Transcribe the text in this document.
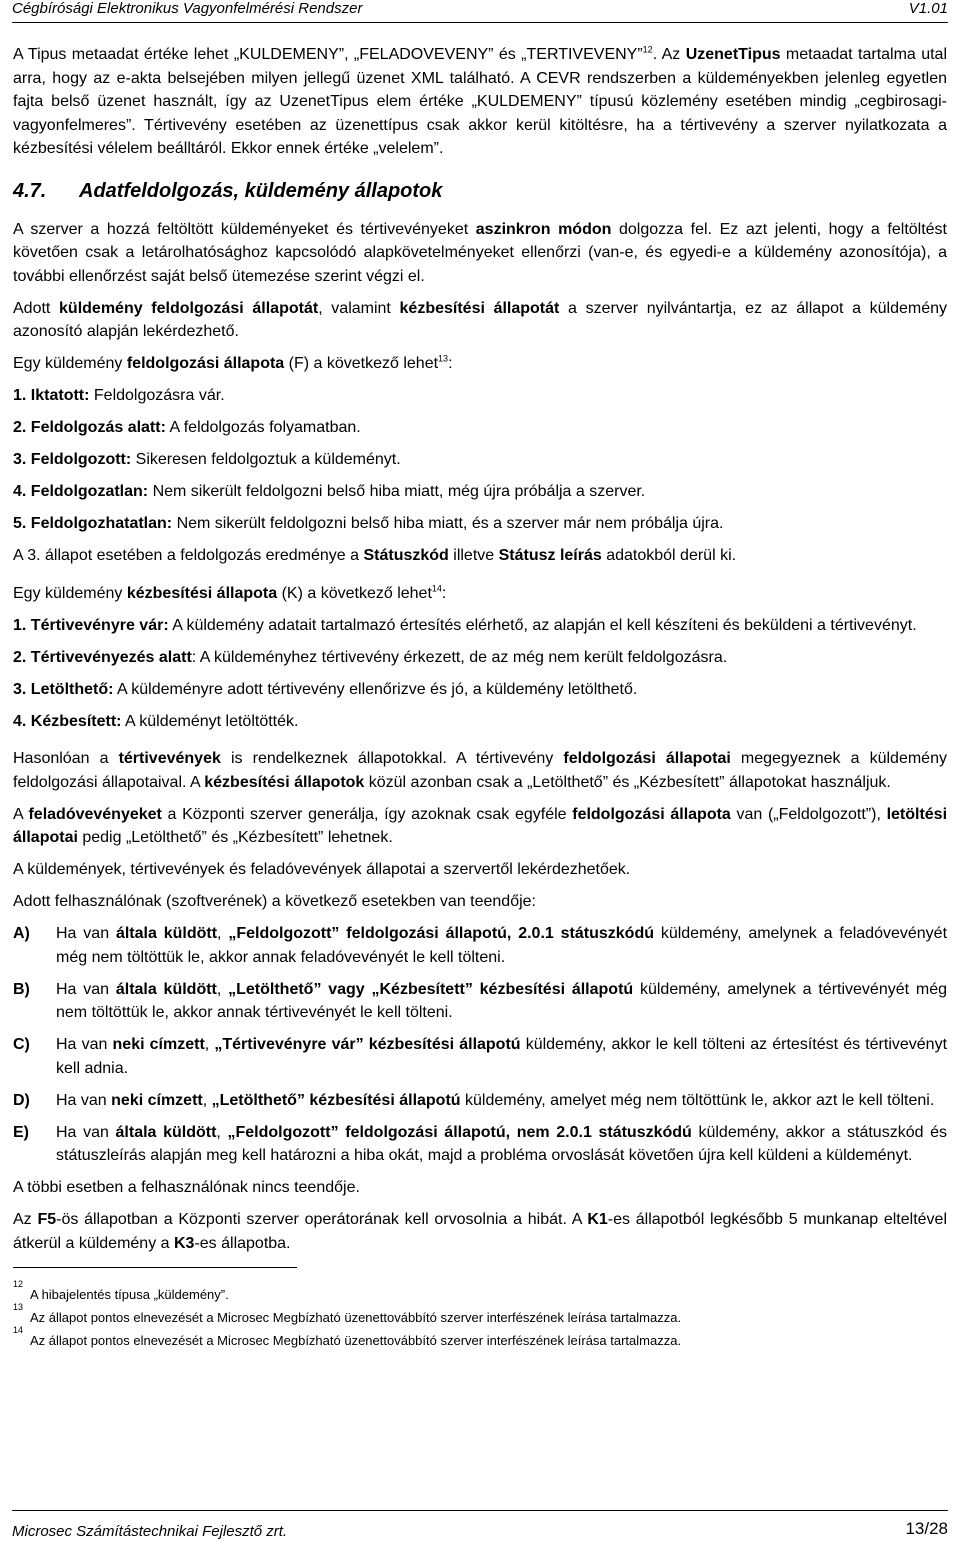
Cégbírósági Elektronikus Vagyonfelmérési Rendszer	V1.01

A Tipus metaadat értéke lehet „KULDEMENY”, „FELADOVEVENY” és „TERTIVEVENY”$^{12}$. Az UzenetTipus metaadat tartalma utal arra, hogy az e-akta belsejében milyen jellegű üzenet XML található. A CEVR rendszerben a küldeményekben jelenleg egyetlen fajta belső üzenet használt, így az UzenetTipus elem értéke „KULDEMENY” típusú közlemény esetében mindig „cegbirosagi-vagyonfelmeres”. Tértivevény esetében az üzenettípus csak akkor kerül kitöltésre, ha a tértivevény a szerver nyilatkozata a kézbesítési vélelem beálltáról. Ekkor ennek értéke „velelem”.

4.7. Adatfeldolgozás, küldemény állapotok

A szerver a hozzá feltöltött küldeményeket és tértivevényeket aszinkron módon dolgozza fel. Ez azt jelenti, hogy a feltöltést követően csak a letárolhatósághoz kapcsolódó alapkövetelményeket ellenőrzi (van-e, és egyedi-e a küldemény azonosítója), a további ellenőrzést saját belső ütemezése szerint végzi el.

Adott küldemény feldolgozási állapotát, valamint kézbesítési állapotát a szerver nyilvántartja, ez az állapot a küldemény azonosító alapján lekérdezhető.

Egy küldemény feldolgozási állapota (F) a következő lehet$^{13}$:

1. Iktatott: Feldolgozásra vár.
2. Feldolgozás alatt: A feldolgozás folyamatban.
3. Feldolgozott: Sikeresen feldolgoztuk a küldeményt.
4. Feldolgozatlan: Nem sikerült feldolgozni belső hiba miatt, még újra próbálja a szerver.
5. Feldolgozhatatlan: Nem sikerült feldolgozni belső hiba miatt, és a szerver már nem próbálja újra.

A 3. állapot esetében a feldolgozás eredménye a Státuszkód illetve Státusz leírás adatokból derül ki.

Egy küldemény kézbesítési állapota (K) a következő lehet$^{14}$:

1. Tértivevényre vár: A küldemény adatait tartalmazó értesítés elérhető, az alapján el kell készíteni és beküldeni a tértivevényt.
2. Tértivevényezés alatt: A küldeményhez tértivevény érkezett, de az még nem került feldolgozásra.
3. Letölthető: A küldeményre adott tértivevény ellenőrizve és jó, a küldemény letölthető.
4. Kézbesített: A küldeményt letöltötték.

Hasonlóan a tértivevények is rendelkeznek állapotokkal. A tértivevény feldolgozási állapotai megegyeznek a küldemény feldolgozási állapotaival. A kézbesítési állapotok közül azonban csak a „Letölthető” és „Kézbesített” állapotokat használjuk.

A feladóvevényeket a Központi szerver generálja, így azoknak csak egyféle feldolgozási állapota van („Feldolgozott”), letöltési állapotai pedig „Letölthető” és „Kézbesített” lehetnek.

A küldemények, tértivevények és feladóvevények állapotai a szervertől lekérdezhetőek.

Adott felhasználónak (szoftverének) a következő esetekben van teendője:

A)	Ha van általa küldött, „Feldolgozott” feldolgozási állapotú, 2.0.1 státuszkódú küldemény, amelynek a feladóvevényét még nem töltöttük le, akkor annak feladóvevényét le kell tölteni.
B)	Ha van általa küldött, „Letölthető” vagy „Kézbesített” kézbesítési állapotú küldemény, amelynek a tértivevényét még nem töltöttük le, akkor annak tértivevényét le kell tölteni.
C)	Ha van neki címzett, „Tértivevényre vár” kézbesítési állapotú küldemény, akkor le kell tölteni az értesítést és tértivevényt kell adnia.
D)	Ha van neki címzett, „Letölthető” kézbesítési állapotú küldemény, amelyet még nem töltöttünk le, akkor azt le kell tölteni.
E)	Ha van általa küldött, „Feldolgozott” feldolgozási állapotú, nem 2.0.1 státuszkódú küldemény, akkor a státuszkód és státuszleírás alapján meg kell határozni a hiba okát, majd a probléma orvoslását követően újra kell küldeni a küldeményt.

A többi esetben a felhasználónak nincs teendője.

Az F5-ös állapotban a Központi szerver operátorának kell orvosolnia a hibát. A K1-es állapotból legkésőbb 5 munkanap elteltével átkerül a küldemény a K3-es állapotba.

12
A hibajelentés típusa „küldemény”.
13
Az állapot pontos elnevezését a Microsec Megbízható üzenettovábbító szerver interfészének leírása tartalmazza.
14
Az állapot pontos elnevezését a Microsec Megbízható üzenettovábbító szerver interfészének leírása tartalmazza.
Microsec Számítástechnikai Fejlesztő zrt.	13/28
